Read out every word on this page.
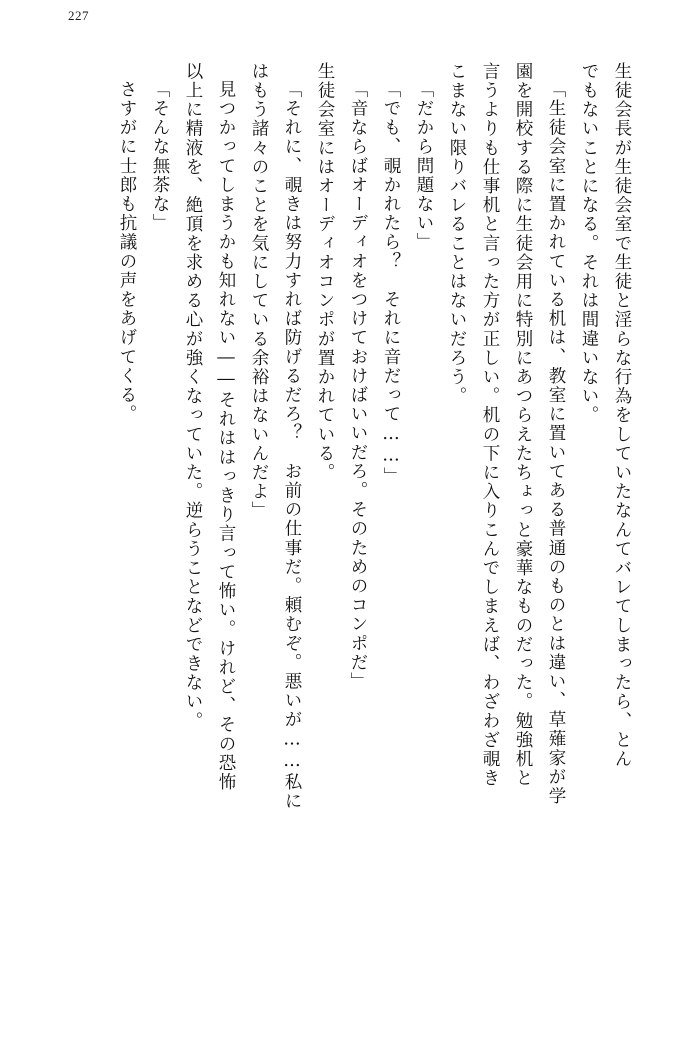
227
生徒会長が生徒会室で生徒と淫らな行為をしていたなんてバレてしまったら、とん
でもないことになる。それは間違いない。
「生徒会室に置かれている机は、教室に置いてある普通のものとは違い、草薙家が学
園を開校する際に生徒会用に特別にあつらえたちょっと豪華なものだった。勉強机と
言うよりも仕事机と言った方が正しい。机の下に入りこんでしまえば、わざわざ覗き
こまない限りバレることはないだろう。
「だから問題ない」
「でも、覗かれたら？　それに音だって……」
「音ならばオーディオをつけておけばいいだろ。そのためのコンポだ」
生徒会室にはオーディオコンポが置かれている。
「それに、覗きは努力すれば防げるだろ？　お前の仕事だ。頼むぞ。悪いが……私に
はもう諸々のことを気にしている余裕はないんだよ」
見つかってしまうかも知れない――それははっきり言って怖い。けれど、その恐怖
以上に精液を、絶頂を求める心が強くなっていた。逆らうことなどできない。
「そんな無茶な」
さすがに士郎も抗議の声をあげてくる。
